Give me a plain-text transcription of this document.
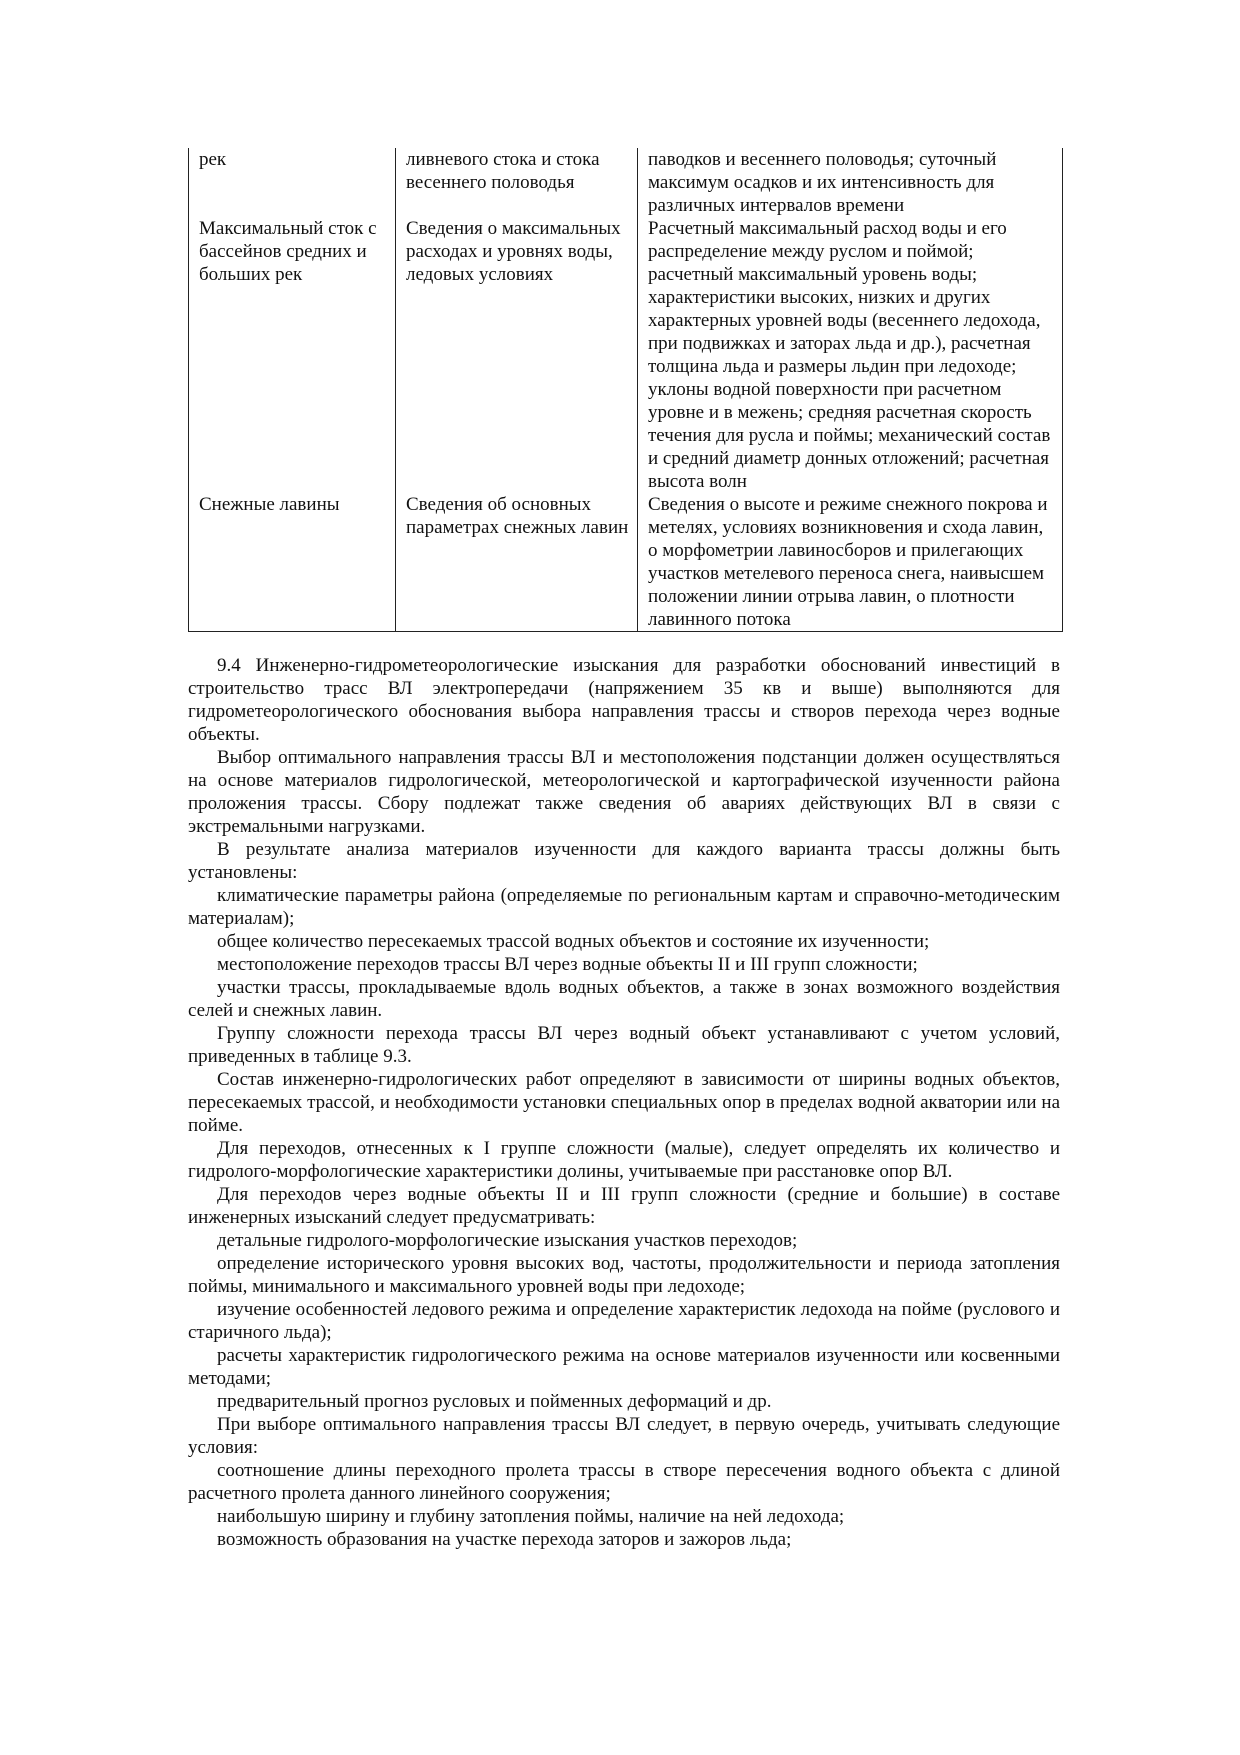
рек	ливневого стока и стока весеннего половодья	паводков и весеннего половодья; суточный максимум осадков и их интенсивность для различных интервалов времени
Максимальный сток с бассейнов средних и больших рек	Сведения о максимальных расходах и уровнях воды, ледовых условиях	Расчетный максимальный расход воды и его распределение между руслом и поймой; расчетный максимальный уровень воды; характеристики высоких, низких и других характерных уровней воды (весеннего ледохода, при подвижках и заторах льда и др.), расчетная толщина льда и размеры льдин при ледоходе; уклоны водной поверхности при расчетном уровне и в межень; средняя расчетная скорость течения для русла и поймы; механический состав и средний диаметр донных отложений; расчетная высота волн
Снежные лавины	Сведения об основных параметрах снежных лавин	Сведения о высоте и режиме снежного покрова и метелях, условиях возникновения и схода лавин, о морфометрии лавиносборов и прилегающих участков метелевого переноса снега, наивысшем положении линии отрыва лавин, о плотности лавинного потока

9.4 Инженерно-гидрометеорологические изыскания для разработки обоснований инвестиций в строительство трасс ВЛ электропередачи (напряжением 35 кв и выше) выполняются для гидрометеорологического обоснования выбора направления трассы и створов перехода через водные объекты.

Выбор оптимального направления трассы ВЛ и местоположения подстанции должен осуществляться на основе материалов гидрологической, метеорологической и картографической изученности района проложения трассы. Сбору подлежат также сведения об авариях действующих ВЛ в связи с экстремальными нагрузками.

В результате анализа материалов изученности для каждого варианта трассы должны быть установлены:

климатические параметры района (определяемые по региональным картам и справочно-методическим материалам);

общее количество пересекаемых трассой водных объектов и состояние их изученности;

местоположение переходов трассы ВЛ через водные объекты II и III групп сложности;

участки трассы, прокладываемые вдоль водных объектов, а также в зонах возможного воздействия селей и снежных лавин.

Группу сложности перехода трассы ВЛ через водный объект устанавливают с учетом условий, приведенных в таблице 9.3.

Состав инженерно-гидрологических работ определяют в зависимости от ширины водных объектов, пересекаемых трассой, и необходимости установки специальных опор в пределах водной акватории или на пойме.

Для переходов, отнесенных к I группе сложности (малые), следует определять их количество и гидролого-морфологические характеристики долины, учитываемые при расстановке опор ВЛ.

Для переходов через водные объекты II и III групп сложности (средние и большие) в составе инженерных изысканий следует предусматривать:

детальные гидролого-морфологические изыскания участков переходов;

определение исторического уровня высоких вод, частоты, продолжительности и периода затопления поймы, минимального и максимального уровней воды при ледоходе;

изучение особенностей ледового режима и определение характеристик ледохода на пойме (руслового и старичного льда);

расчеты характеристик гидрологического режима на основе материалов изученности или косвенными методами;

предварительный прогноз русловых и пойменных деформаций и др.

При выборе оптимального направления трассы ВЛ следует, в первую очередь, учитывать следующие условия:

соотношение длины переходного пролета трассы в створе пересечения водного объекта с длиной расчетного пролета данного линейного сооружения;

наибольшую ширину и глубину затопления поймы, наличие на ней ледохода;

возможность образования на участке перехода заторов и зажоров льда;
